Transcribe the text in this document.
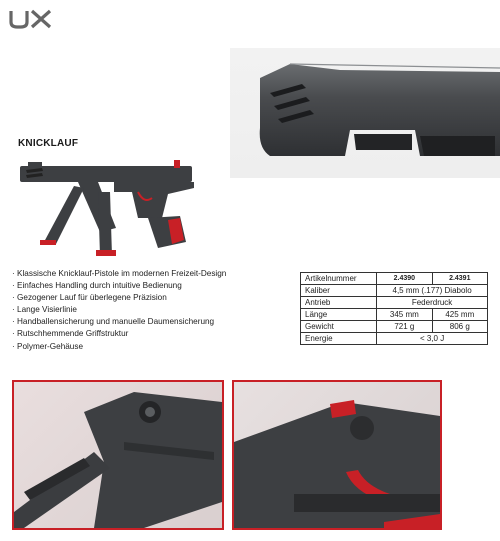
KNICKLAUF
· Klassische Knicklauf-Pistole im modernen Freizeit-Design
· Einfaches Handling durch intuitive Bedienung
· Gezogener Lauf für überlegene Präzision
· Lange Visierlinie
· Handballensicherung und manuelle Daumensicherung
· Rutschhemmende Griffstruktur
· Polymer-Gehäuse
Artikelnummer	2.4390	2.4391
Kaliber	4,5 mm (.177) Diabolo	
Antrieb	Federdruck	
Länge	345 mm	425 mm
Gewicht	721 g	806 g
Energie	< 3,0 J	
